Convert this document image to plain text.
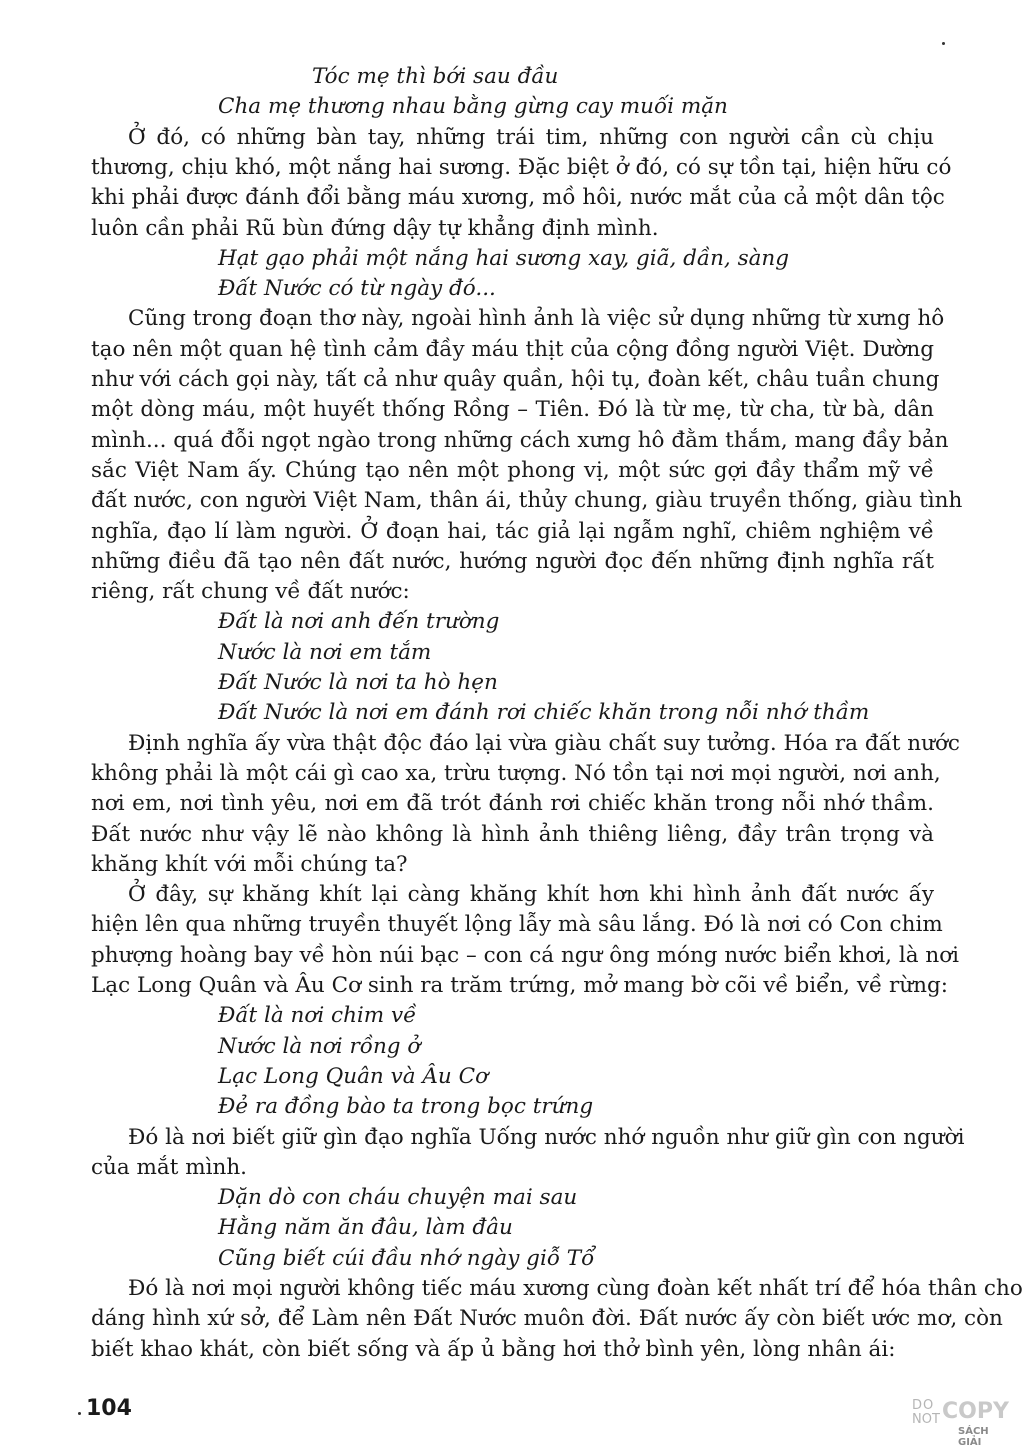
Tóc mẹ thì bới sau đầu
Cha mẹ thương nhau bằng gừng cay muối mặn
Ở đó, có những bàn tay, những trái tim, những con người cần cù chịu
thương, chịu khó, một nắng hai sương. Đặc biệt ở đó, có sự tồn tại, hiện hữu có
khi phải được đánh đổi bằng máu xương, mồ hôi, nước mắt của cả một dân tộc
luôn cần phải Rũ bùn đứng dậy tự khẳng định mình.
Hạt gạo phải một nắng hai sương xay, giã, dần, sàng
Đất Nước có từ ngày đó...
Cũng trong đoạn thơ này, ngoài hình ảnh là việc sử dụng những từ xưng hô
tạo nên một quan hệ tình cảm đầy máu thịt của cộng đồng người Việt. Dường
như với cách gọi này, tất cả như quây quần, hội tụ, đoàn kết, châu tuần chung
một dòng máu, một huyết thống Rồng – Tiên. Đó là từ mẹ, từ cha, từ bà, dân
mình... quá đỗi ngọt ngào trong những cách xưng hô đằm thắm, mang đầy bản
sắc Việt Nam ấy. Chúng tạo nên một phong vị, một sức gợi đầy thẩm mỹ về
đất nước, con người Việt Nam, thân ái, thủy chung, giàu truyền thống, giàu tình
nghĩa, đạo lí làm người. Ở đoạn hai, tác giả lại ngẫm nghĩ, chiêm nghiệm về
những điều đã tạo nên đất nước, hướng người đọc đến những định nghĩa rất
riêng, rất chung về đất nước:
Đất là nơi anh đến trường
Nước là nơi em tắm
Đất Nước là nơi ta hò hẹn
Đất Nước là nơi em đánh rơi chiếc khăn trong nỗi nhớ thầm
Định nghĩa ấy vừa thật độc đáo lại vừa giàu chất suy tưởng. Hóa ra đất nước
không phải là một cái gì cao xa, trừu tượng. Nó tồn tại nơi mọi người, nơi anh,
nơi em, nơi tình yêu, nơi em đã trót đánh rơi chiếc khăn trong nỗi nhớ thầm.
Đất nước như vậy lẽ nào không là hình ảnh thiêng liêng, đầy trân trọng và
khăng khít với mỗi chúng ta?
Ở đây, sự khăng khít lại càng khăng khít hơn khi hình ảnh đất nước ấy
hiện lên qua những truyền thuyết lộng lẫy mà sâu lắng. Đó là nơi có Con chim
phượng hoàng bay về hòn núi bạc – con cá ngư ông móng nước biển khơi, là nơi
Lạc Long Quân và Âu Cơ sinh ra trăm trứng, mở mang bờ cõi về biển, về rừng:
Đất là nơi chim về
Nước là nơi rồng ở
Lạc Long Quân và Âu Cơ
Đẻ ra đồng bào ta trong bọc trứng
Đó là nơi biết giữ gìn đạo nghĩa Uống nước nhớ nguồn như giữ gìn con người
của mắt mình.
Dặn dò con cháu chuyện mai sau
Hằng năm ăn đâu, làm đâu
Cũng biết cúi đầu nhớ ngày giỗ Tổ
Đó là nơi mọi người không tiếc máu xương cùng đoàn kết nhất trí để hóa thân cho
dáng hình xứ sở, để Làm nên Đất Nước muôn đời. Đất nước ấy còn biết ước mơ, còn
biết khao khát, còn biết sống và ấp ủ bằng hơi thở bình yên, lòng nhân ái:
104	DO
NOT COPY
SÁCH GIẢI
